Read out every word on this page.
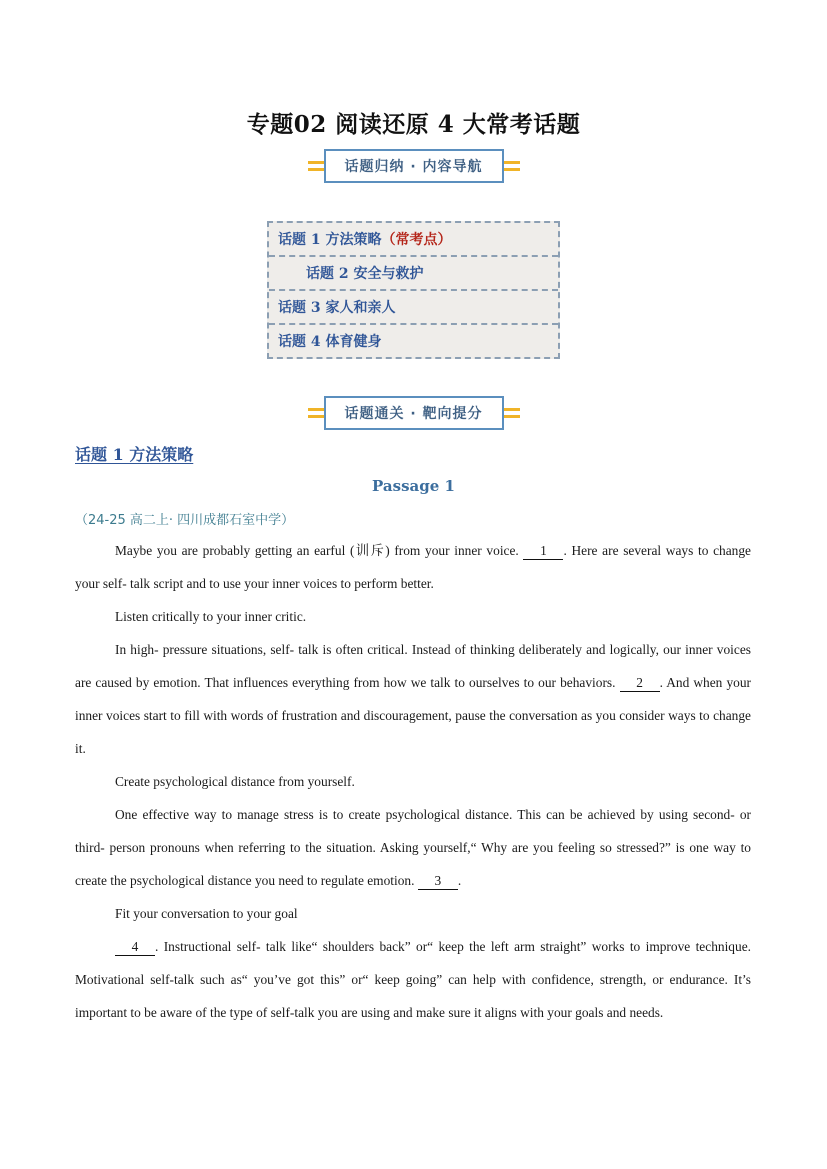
专题02 阅读还原 4 大常考话题
话题归纳 · 内容导航
话题 1 方法策略 （常考点）
话题 2 安全与救护
话题 3 家人和亲人
话题 4 体育健身
话题通关 · 靶向提分
话题 1 方法策略
Passage 1
（24-25 高二上· 四川成都石室中学）

Maybe you are probably getting an earful (训斥) from your inner voice. 1 . Here are several ways to change your self- talk script and to use your inner voices to perform better.

Listen critically to your inner critic.

In high- pressure situations, self- talk is often critical. Instead of thinking deliberately and logically, our inner voices are caused by emotion. That influences everything from how we talk to ourselves to our behaviors. 2 . And when your inner voices start to fill with words of frustration and discouragement, pause the conversation as you consider ways to change it.

Create psychological distance from yourself.

One effective way to manage stress is to create psychological distance. This can be achieved by using second- or third- person pronouns when referring to the situation. Asking yourself,“ Why are you feeling so stressed?” is one way to create the psychological distance you need to regulate emotion. 3 .

Fit your conversation to your goal

4 . Instructional self- talk like“ shoulders back” or“ keep the left arm straight” works to improve technique. Motivational self-talk such as“ you’ve got this” or“ keep going” can help with confidence, strength, or endurance. It’s important to be aware of the type of self-talk you are using and make sure it aligns with your goals and needs.
